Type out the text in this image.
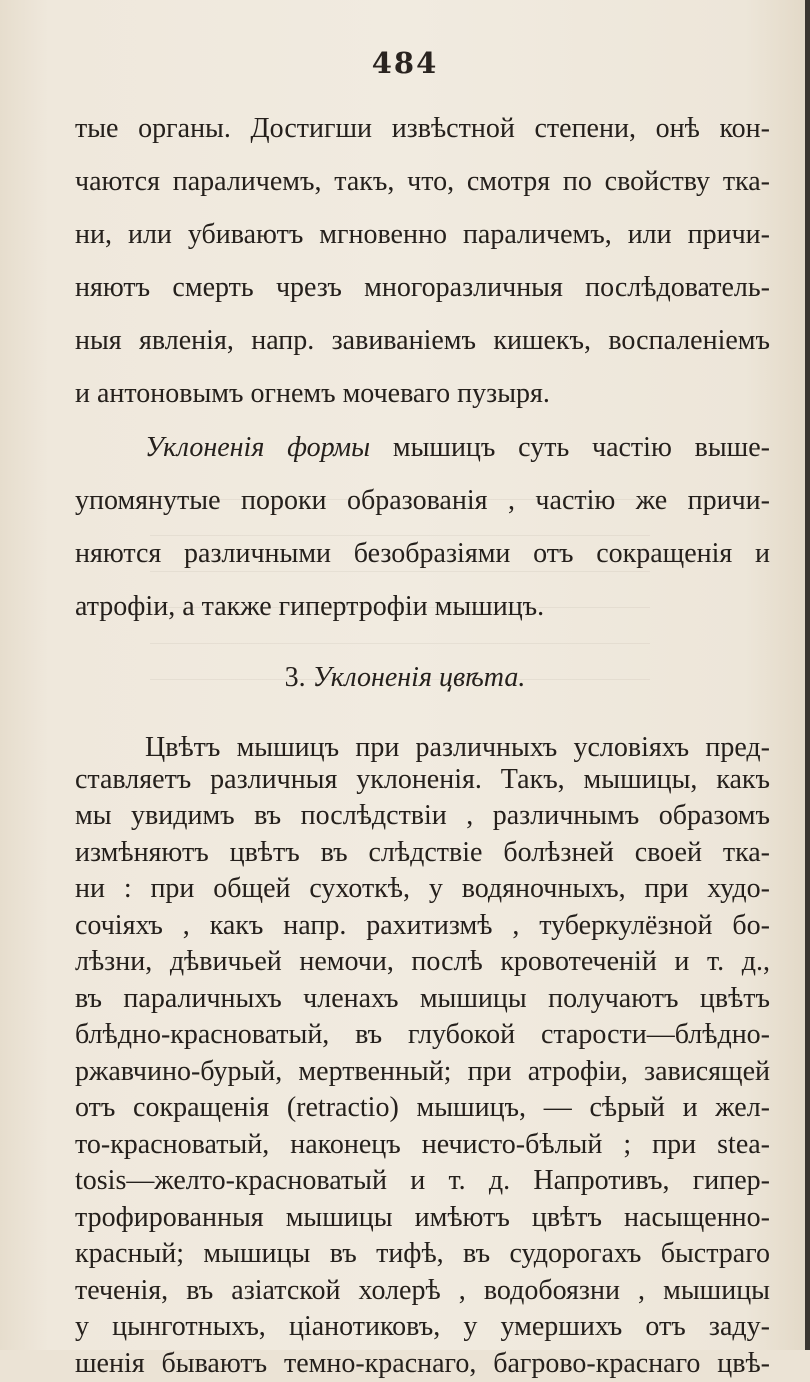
484
тые органы. Достигши извѣстной степени, онѣ кон-
чаются параличемъ, такъ, что, смотря по свойству тка-
ни, или убиваютъ мгновенно параличемъ, или причи-
няютъ смерть чрезъ многоразличныя послѣдователь-
ныя явленія, напр. завиваніемъ кишекъ, воспаленіемъ
и антоновымъ огнемъ мочеваго пузыря.
Уклоненія формы мышицъ суть частію выше-
упомянутые пороки образованія , частію же причи-
няются различными безобразіями отъ сокращенія и
атрофіи, а также гипертрофіи мышицъ.
3. Уклоненія цвѣта.
Цвѣтъ мышицъ при различныхъ условіяхъ пред-
ставляетъ различныя уклоненія. Такъ, мышицы, какъ
мы увидимъ въ послѣдствіи , различнымъ образомъ
измѣняютъ цвѣтъ въ слѣдствіе болѣзней своей тка-
ни : при общей сухоткѣ, у водяночныхъ, при худо-
сочіяхъ , какъ напр. рахитизмѣ , туберкулёзной бо-
лѣзни, дѣвичьей немочи, послѣ кровотеченій и т. д.,
въ параличныхъ членахъ мышицы получаютъ цвѣтъ
блѣдно-красноватый, въ глубокой старости—блѣдно-
ржавчино-бурый, мертвенный; при атрофіи, зависящей
отъ сокращенія (retractio) мышицъ, — сѣрый и жел-
то-красноватый, наконецъ нечисто-бѣлый ; при stea-
tosis—желто-красноватый и т. д. Напротивъ, гипер-
трофированныя мышицы имѣютъ цвѣтъ насыщенно-
красный; мышицы въ тифѣ, въ судорогахъ быстраго
теченія, въ азіатской холерѣ , водобоязни , мышицы
у цынготныхъ, ціанотиковъ, у умершихъ отъ заду-
шенія бываютъ темно-краснаго, багрово-краснаго цвѣ-
